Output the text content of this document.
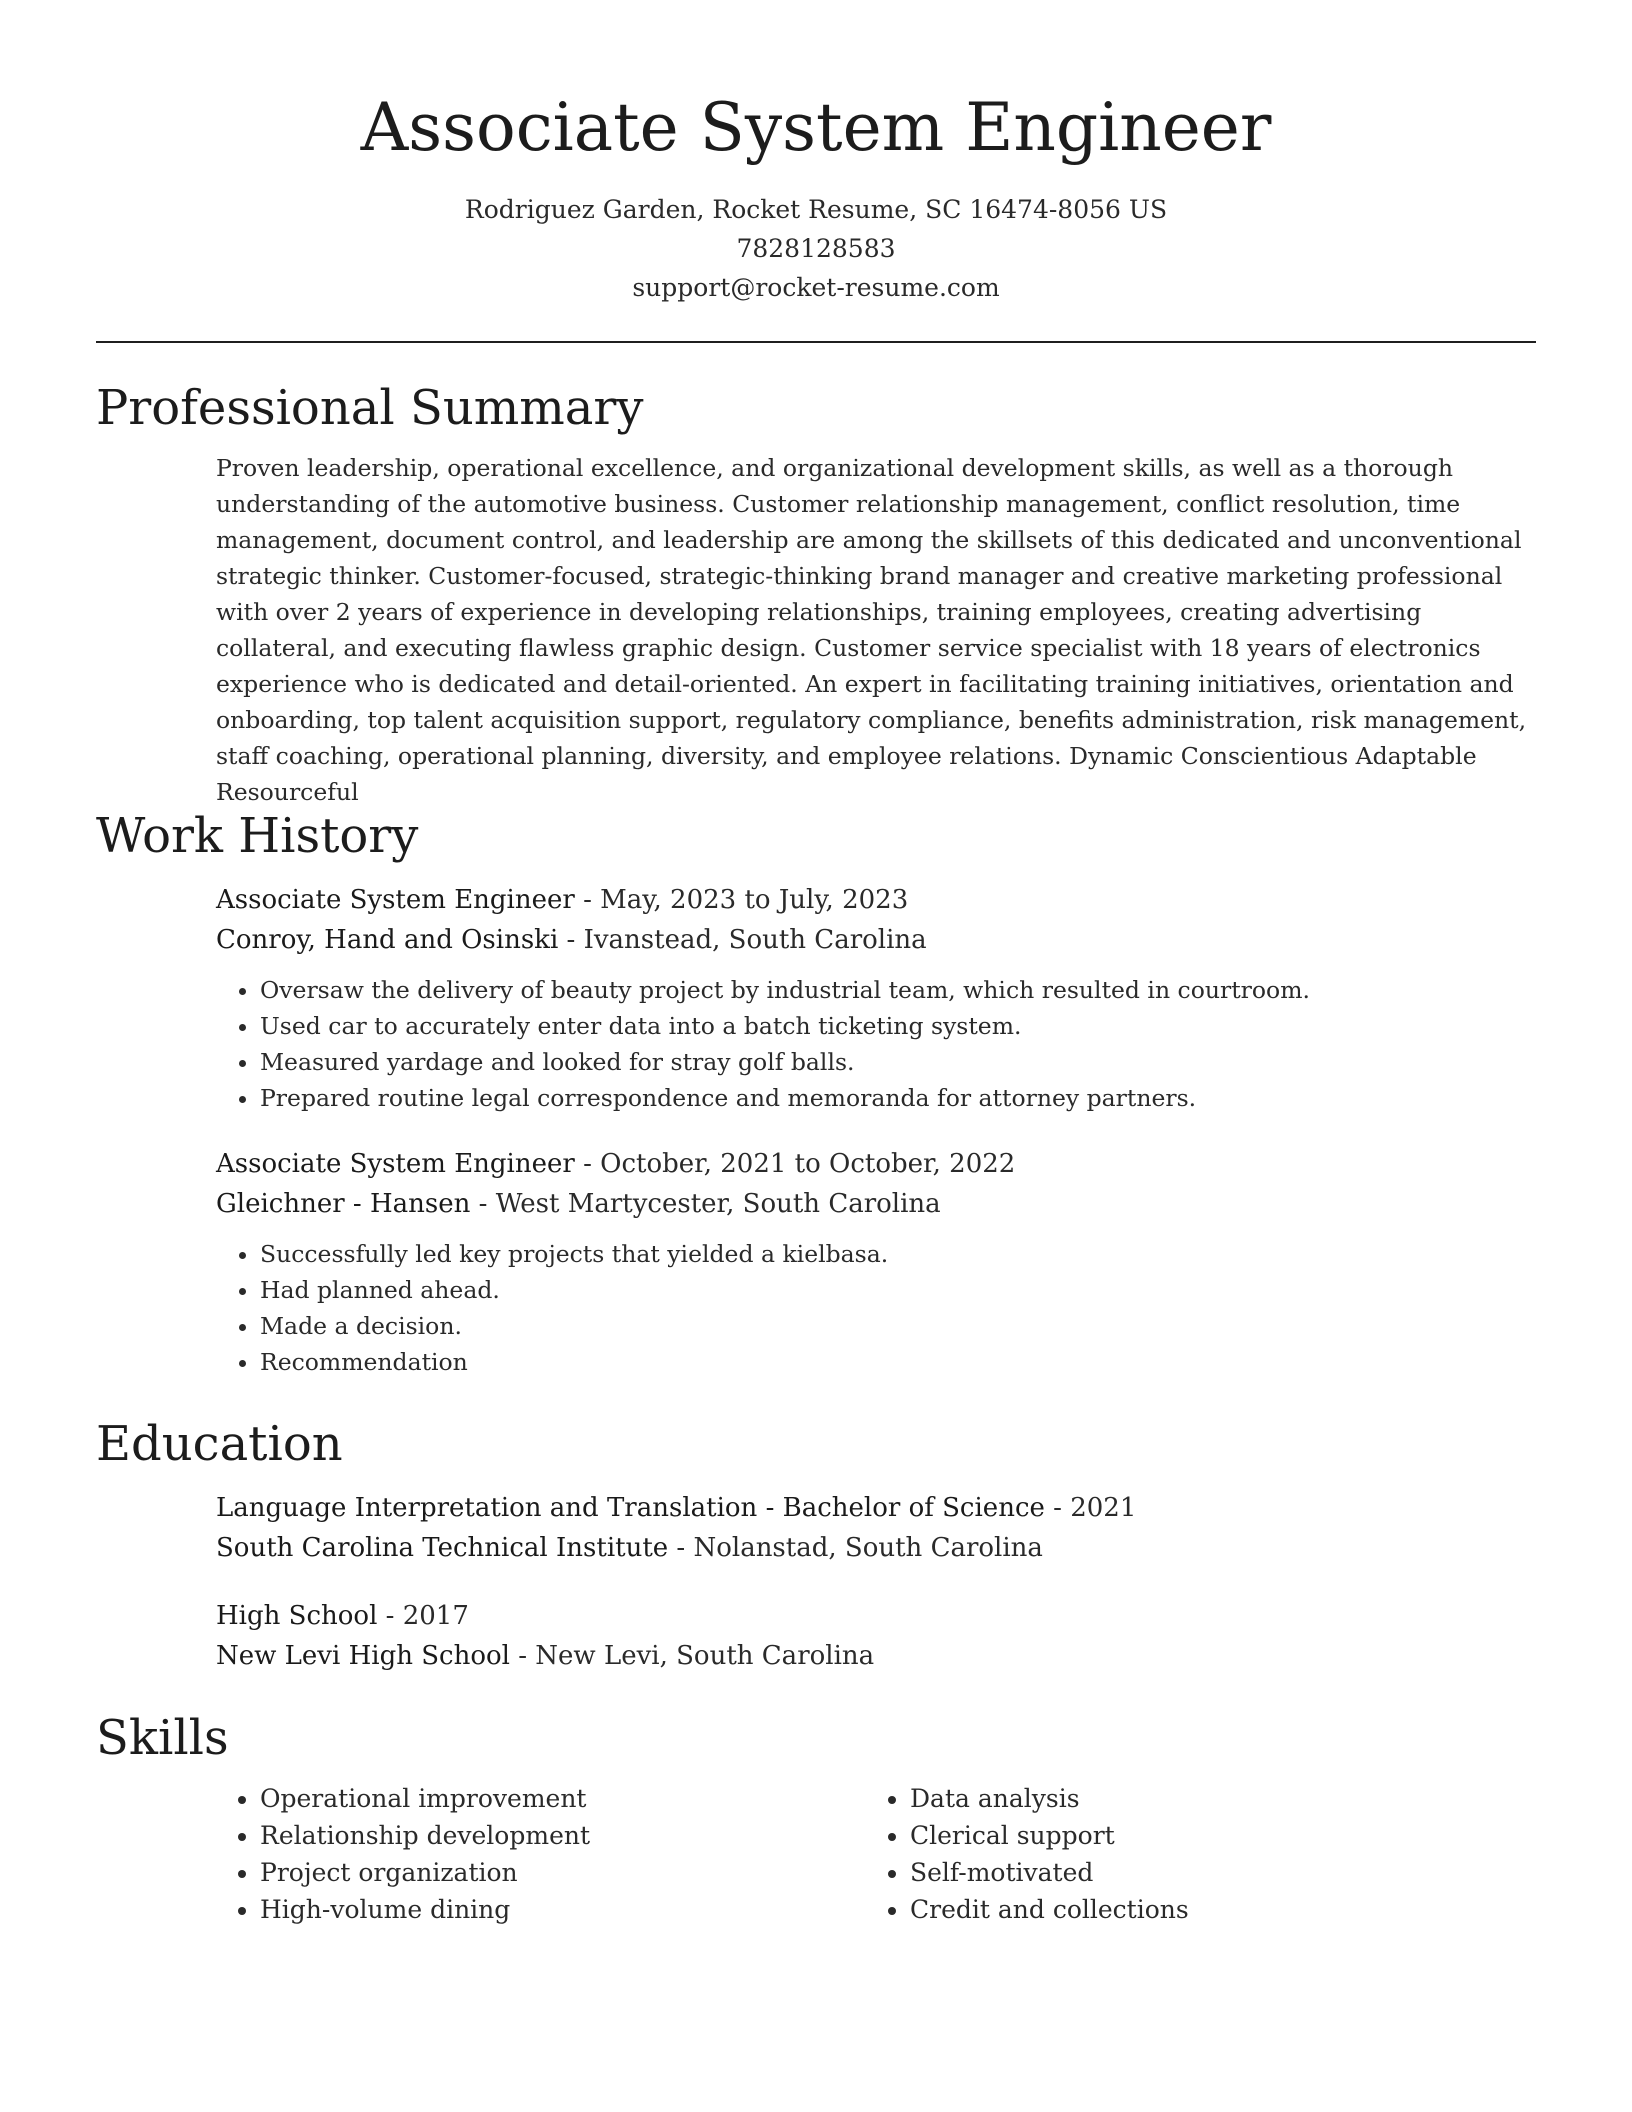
Associate System Engineer
Rodriguez Garden, Rocket Resume, SC 16474-8056 US
7828128583
support@rocket-resume.com
Professional Summary
Proven leadership, operational excellence, and organizational development skills, as well as a thorough understanding of the automotive business. Customer relationship management, conflict resolution, time management, document control, and leadership are among the skillsets of this dedicated and unconventional strategic thinker. Customer-focused, strategic-thinking brand manager and creative marketing professional with over 2 years of experience in developing relationships, training employees, creating advertising collateral, and executing flawless graphic design. Customer service specialist with 18 years of electronics experience who is dedicated and detail-oriented. An expert in facilitating training initiatives, orientation and onboarding, top talent acquisition support, regulatory compliance, benefits administration, risk management, staff coaching, operational planning, diversity, and employee relations. Dynamic Conscientious Adaptable Resourceful
Work History
Associate System Engineer - May, 2023 to July, 2023
Conroy, Hand and Osinski - Ivanstead, South Carolina
• Oversaw the delivery of beauty project by industrial team, which resulted in courtroom.
• Used car to accurately enter data into a batch ticketing system.
• Measured yardage and looked for stray golf balls.
• Prepared routine legal correspondence and memoranda for attorney partners.
Associate System Engineer - October, 2021 to October, 2022
Gleichner - Hansen - West Martycester, South Carolina
• Successfully led key projects that yielded a kielbasa.
• Had planned ahead.
• Made a decision.
• Recommendation
Education
Language Interpretation and Translation - Bachelor of Science - 2021
South Carolina Technical Institute - Nolanstad, South Carolina
High School - 2017
New Levi High School - New Levi, South Carolina
Skills
• Operational improvement
• Relationship development
• Project organization
• High-volume dining
• Data analysis
• Clerical support
• Self-motivated
• Credit and collections
